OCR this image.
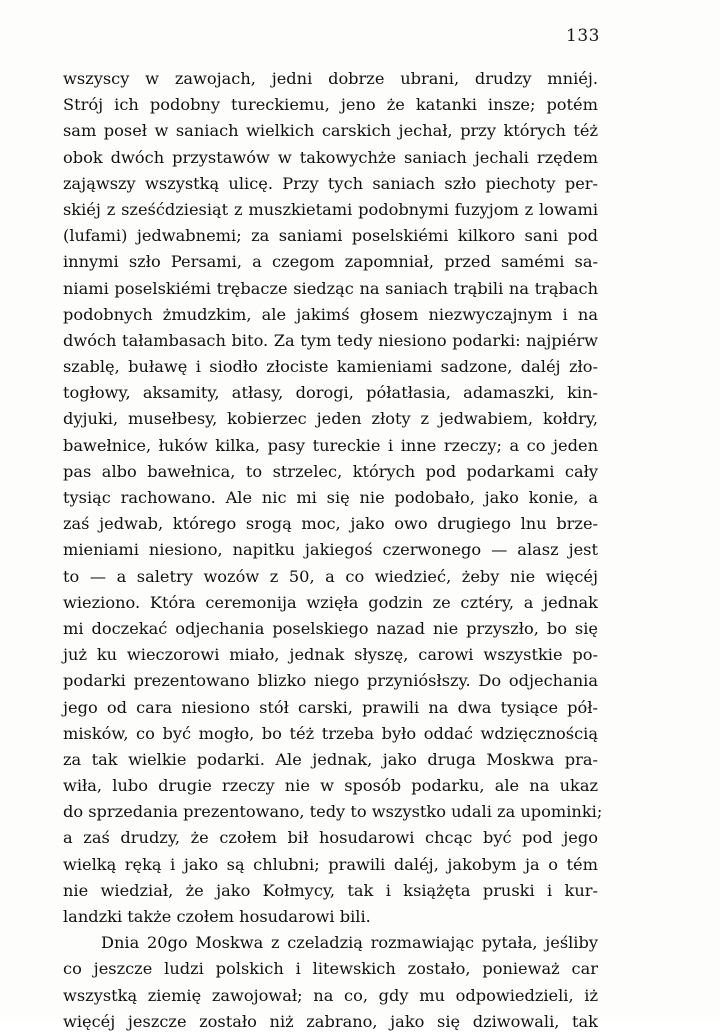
133
wszyscy w zawojach, jedni dobrze ubrani, drudzy mniéj.
Strój ich podobny tureckiemu, jeno że katanki insze; potém
sam poseł w saniach wielkich carskich jechał, przy których téż
obok dwóch przystawów w takowychże saniach jechali rzędem
zająwszy wszystką ulicę. Przy tych saniach szło piechoty per-
skiéj z sześćdziesiąt z muszkietami podobnymi fuzyjom z lowami
(lufami) jedwabnemi; za saniami poselskiémi kilkoro sani pod
innymi szło Persami, a czegom zapomniał, przed samémi sa-
niami poselskiémi trębacze siedząc na saniach trąbili na trąbach
podobnych żmudzkim, ale jakimś głosem niezwyczajnym i na
dwóch tałambasach bito. Za tym tedy niesiono podarki: najpiérw
szablę, buławę i siodło złociste kamieniami sadzone, daléj zło-
togłowy, aksamity, atłasy, dorogi, półatłasia, adamaszki, kin-
dyjuki, musełbesy, kobierzec jeden złoty z jedwabiem, kołdry,
bawełnice, łuków kilka, pasy tureckie i inne rzeczy; a co jeden
pas albo bawełnica, to strzelec, których pod podarkami cały
tysiąc rachowano. Ale nic mi się nie podobało, jako konie, a
zaś jedwab, którego srogą moc, jako owo drugiego lnu brze-
mieniami niesiono, napitku jakiegoś czerwonego — alasz jest
to — a saletry wozów z 50, a co wiedzieć, żeby nie więcéj
wieziono. Która ceremonija wzięła godzin ze cztéry, a jednak
mi doczekać odjechania poselskiego nazad nie przyszło, bo się
już ku wieczorowi miało, jednak słyszę, carowi wszystkie po-
podarki prezentowano blizko niego przyniósłszy. Do odjechania
jego od cara niesiono stół carski, prawili na dwa tysiące pół-
misków, co być mogło, bo téż trzeba było oddać wdzięcznością
za tak wielkie podarki. Ale jednak, jako druga Moskwa pra-
wiła, lubo drugie rzeczy nie w sposób podarku, ale na ukaz
do sprzedania prezentowano, tedy to wszystko udali za upominki;
a zaś drudzy, że czołem bił hosudarowi chcąc być pod jego
wielką ręką i jako są chlubni; prawili daléj, jakobym ja o tém
nie wiedział, że jako Kołmycy, tak i książęta pruski i kur-
landzki także czołem hosudarowi bili.
Dnia 20go Moskwa z czeladzią rozmawiając pytała, jeśliby
co jeszcze ludzi polskich i litewskich zostało, ponieważ car
wszystką ziemię zawojował; na co, gdy mu odpowiedzieli, iż
więcéj jeszcze zostało niż zabrano, jako się dziwowali, tak
